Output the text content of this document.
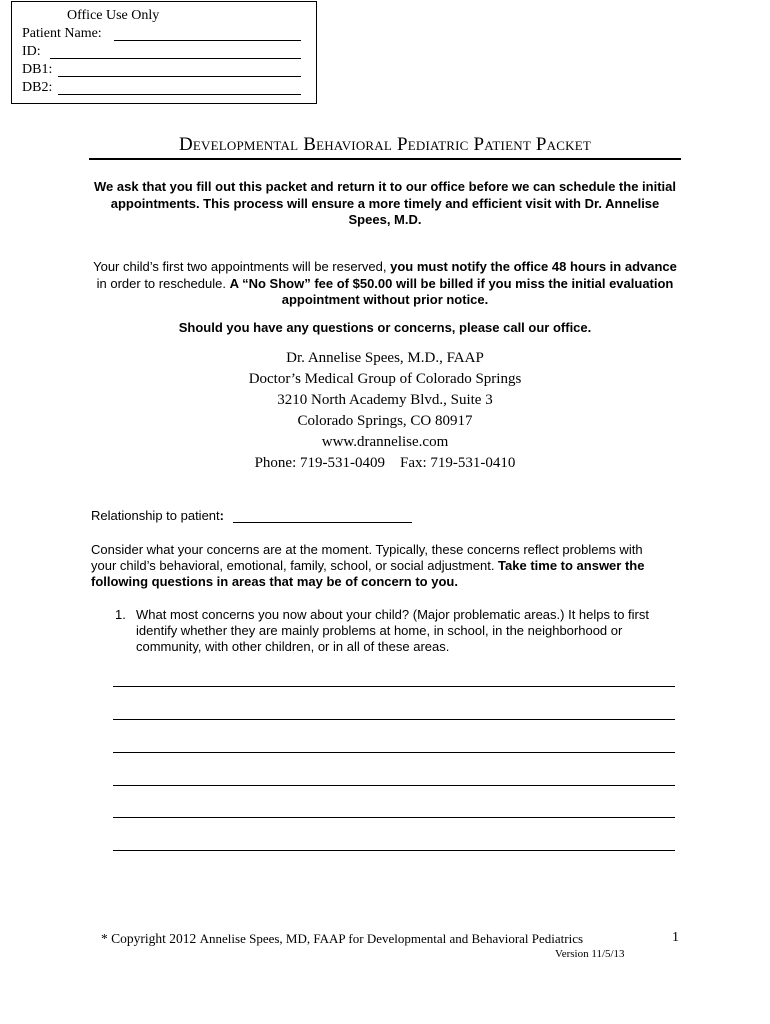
Office Use Only
Patient Name:
ID:
DB1:
DB2:
Developmental Behavioral Pediatric Patient Packet
We ask that you fill out this packet and return it to our office before we can schedule the initial appointments. This process will ensure a more timely and efficient visit with Dr. Annelise Spees, M.D.
Your child’s first two appointments will be reserved, you must notify the office 48 hours in advance in order to reschedule. A “No Show” fee of $50.00 will be billed if you miss the initial evaluation appointment without prior notice.
Should you have any questions or concerns, please call our office.
Dr. Annelise Spees, M.D., FAAP
Doctor’s Medical Group of Colorado Springs
3210 North Academy Blvd., Suite 3
Colorado Springs, CO 80917
www.drannelise.com
Phone: 719-531-0409    Fax: 719-531-0410
Relationship to patient:
Consider what your concerns are at the moment. Typically, these concerns reflect problems with your child’s behavioral, emotional, family, school, or social adjustment. Take time to answer the following questions in areas that may be of concern to you.
1. What most concerns you now about your child? (Major problematic areas.) It helps to first identify whether they are mainly problems at home, in school, in the neighborhood or community, with other children, or in all of these areas.
* Copyright 2012 Annelise Spees, MD, FAAP for Developmental and Behavioral Pediatrics	1
Version 11/5/13
